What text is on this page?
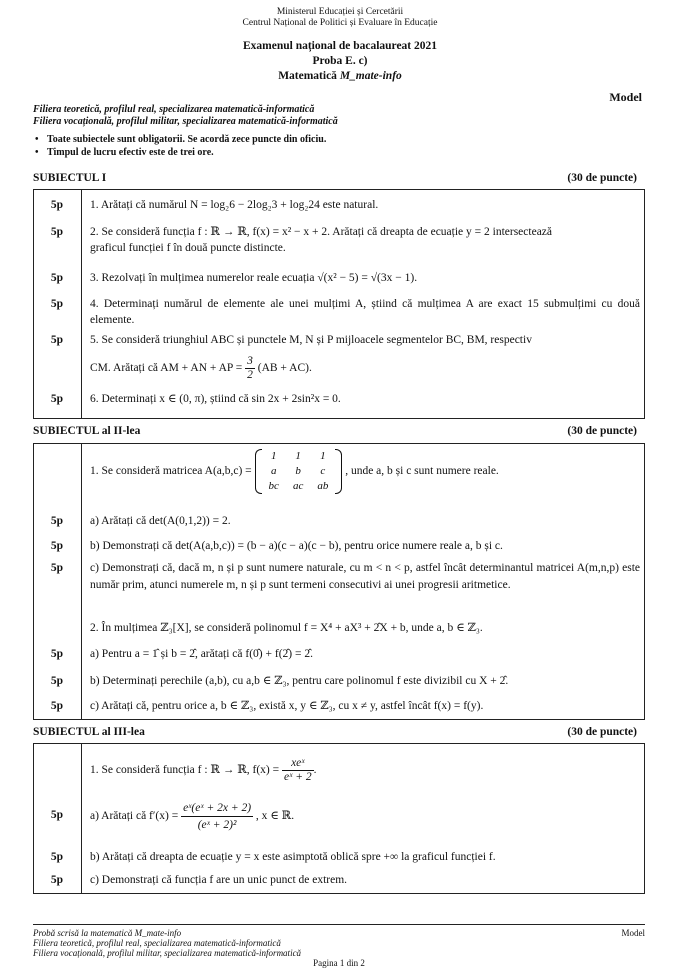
Ministerul Educației și Cercetării
Centrul Național de Politici și Evaluare în Educație
Examenul național de bacalaureat 2021
Proba E. c)
Matematică M_mate-info
Model
Filiera teoretică, profilul real, specializarea matematică-informatică
Filiera vocațională, profilul militar, specializarea matematică-informatică
• Toate subiectele sunt obligatorii. Se acordă zece puncte din oficiu.
• Timpul de lucru efectiv este de trei ore.
SUBIECTUL I	(30 de puncte)
5p	1. Arătați că numărul N = log₂6 − 2log₂3 + log₂24 este natural.
5p	2. Se consideră funcția f : ℝ → ℝ, f(x) = x² − x + 2. Arătați că dreapta de ecuație y = 2 intersectează
graficul funcției f în două puncte distincte.
5p	3. Rezolvați în mulțimea numerelor reale ecuația √(x² − 5) = √(3x − 1).
5p	4. Determinați numărul de elemente ale unei mulțimi A, știind că mulțimea A are exact 15 submulțimi cu două elemente.
5p	5. Se consideră triunghiul ABC și punctele M, N și P mijloacele segmentelor BC, BM, respectiv
CM. Arătați că AM + AN + AP = $\frac{3}{2} (AB + AC)$.
5p	6. Determinați x ∈ (0, π), știind că sin 2x + 2sin²x = 0.
SUBIECTUL al II-lea	(30 de puncte)
1. Se consideră matricea A(a,b,c) =
1	1	1
a	b	c
bc	ac	ab
, unde a, b și c sunt numere reale.
5p	a) Arătați că det(A(0,1,2)) = 2.
5p	b) Demonstrați că det(A(a,b,c)) = (b − a)(c − a)(c − b), pentru orice numere reale a, b și c.
5p	c) Demonstrați că, dacă m, n și p sunt numere naturale, cu m < n < p, astfel încât determinantul matricei A(m,n,p) este număr prim, atunci numerele m, n și p sunt termeni consecutivi ai unei progresii aritmetice.
2. În mulțimea ℤ₃[X], se consideră polinomul f = X⁴ + aX³ + 2̂X + b, unde a, b ∈ ℤ₃.
5p	a) Pentru a = 1̂ și b = 2̂, arătați că f(0̂) + f(2̂) = 2̂.
5p	b) Determinați perechile (a,b), cu a,b ∈ ℤ₃, pentru care polinomul f este divizibil cu X + 2̂.
5p	c) Arătați că, pentru orice a, b ∈ ℤ₃, există x, y ∈ ℤ₃, cu x ≠ y, astfel încât f(x) = f(y).
SUBIECTUL al III-lea	(30 de puncte)
1. Se consideră funcția f : ℝ → ℝ, $f(x) = \frac{\text{xeˣ}}{\text{eˣ + 2}}$ .
5p	a) Arătați că $f'(x) = \frac{\text{eˣ(eˣ + 2x + 2)}}{\text{(eˣ + 2)²}}$ , x ∈ ℝ.
5p	b) Arătați că dreapta de ecuație y = x este asimptotă oblică spre +∞ la graficul funcției f.
5p	c) Demonstrați că funcția f are un unic punct de extrem.
Probă scrisă la matematică M_mate-info
Filiera teoretică, profilul real, specializarea matematică-informatică
Filiera vocațională, profilul militar, specializarea matematică-informatică
Pagina 1 din 2
Model
